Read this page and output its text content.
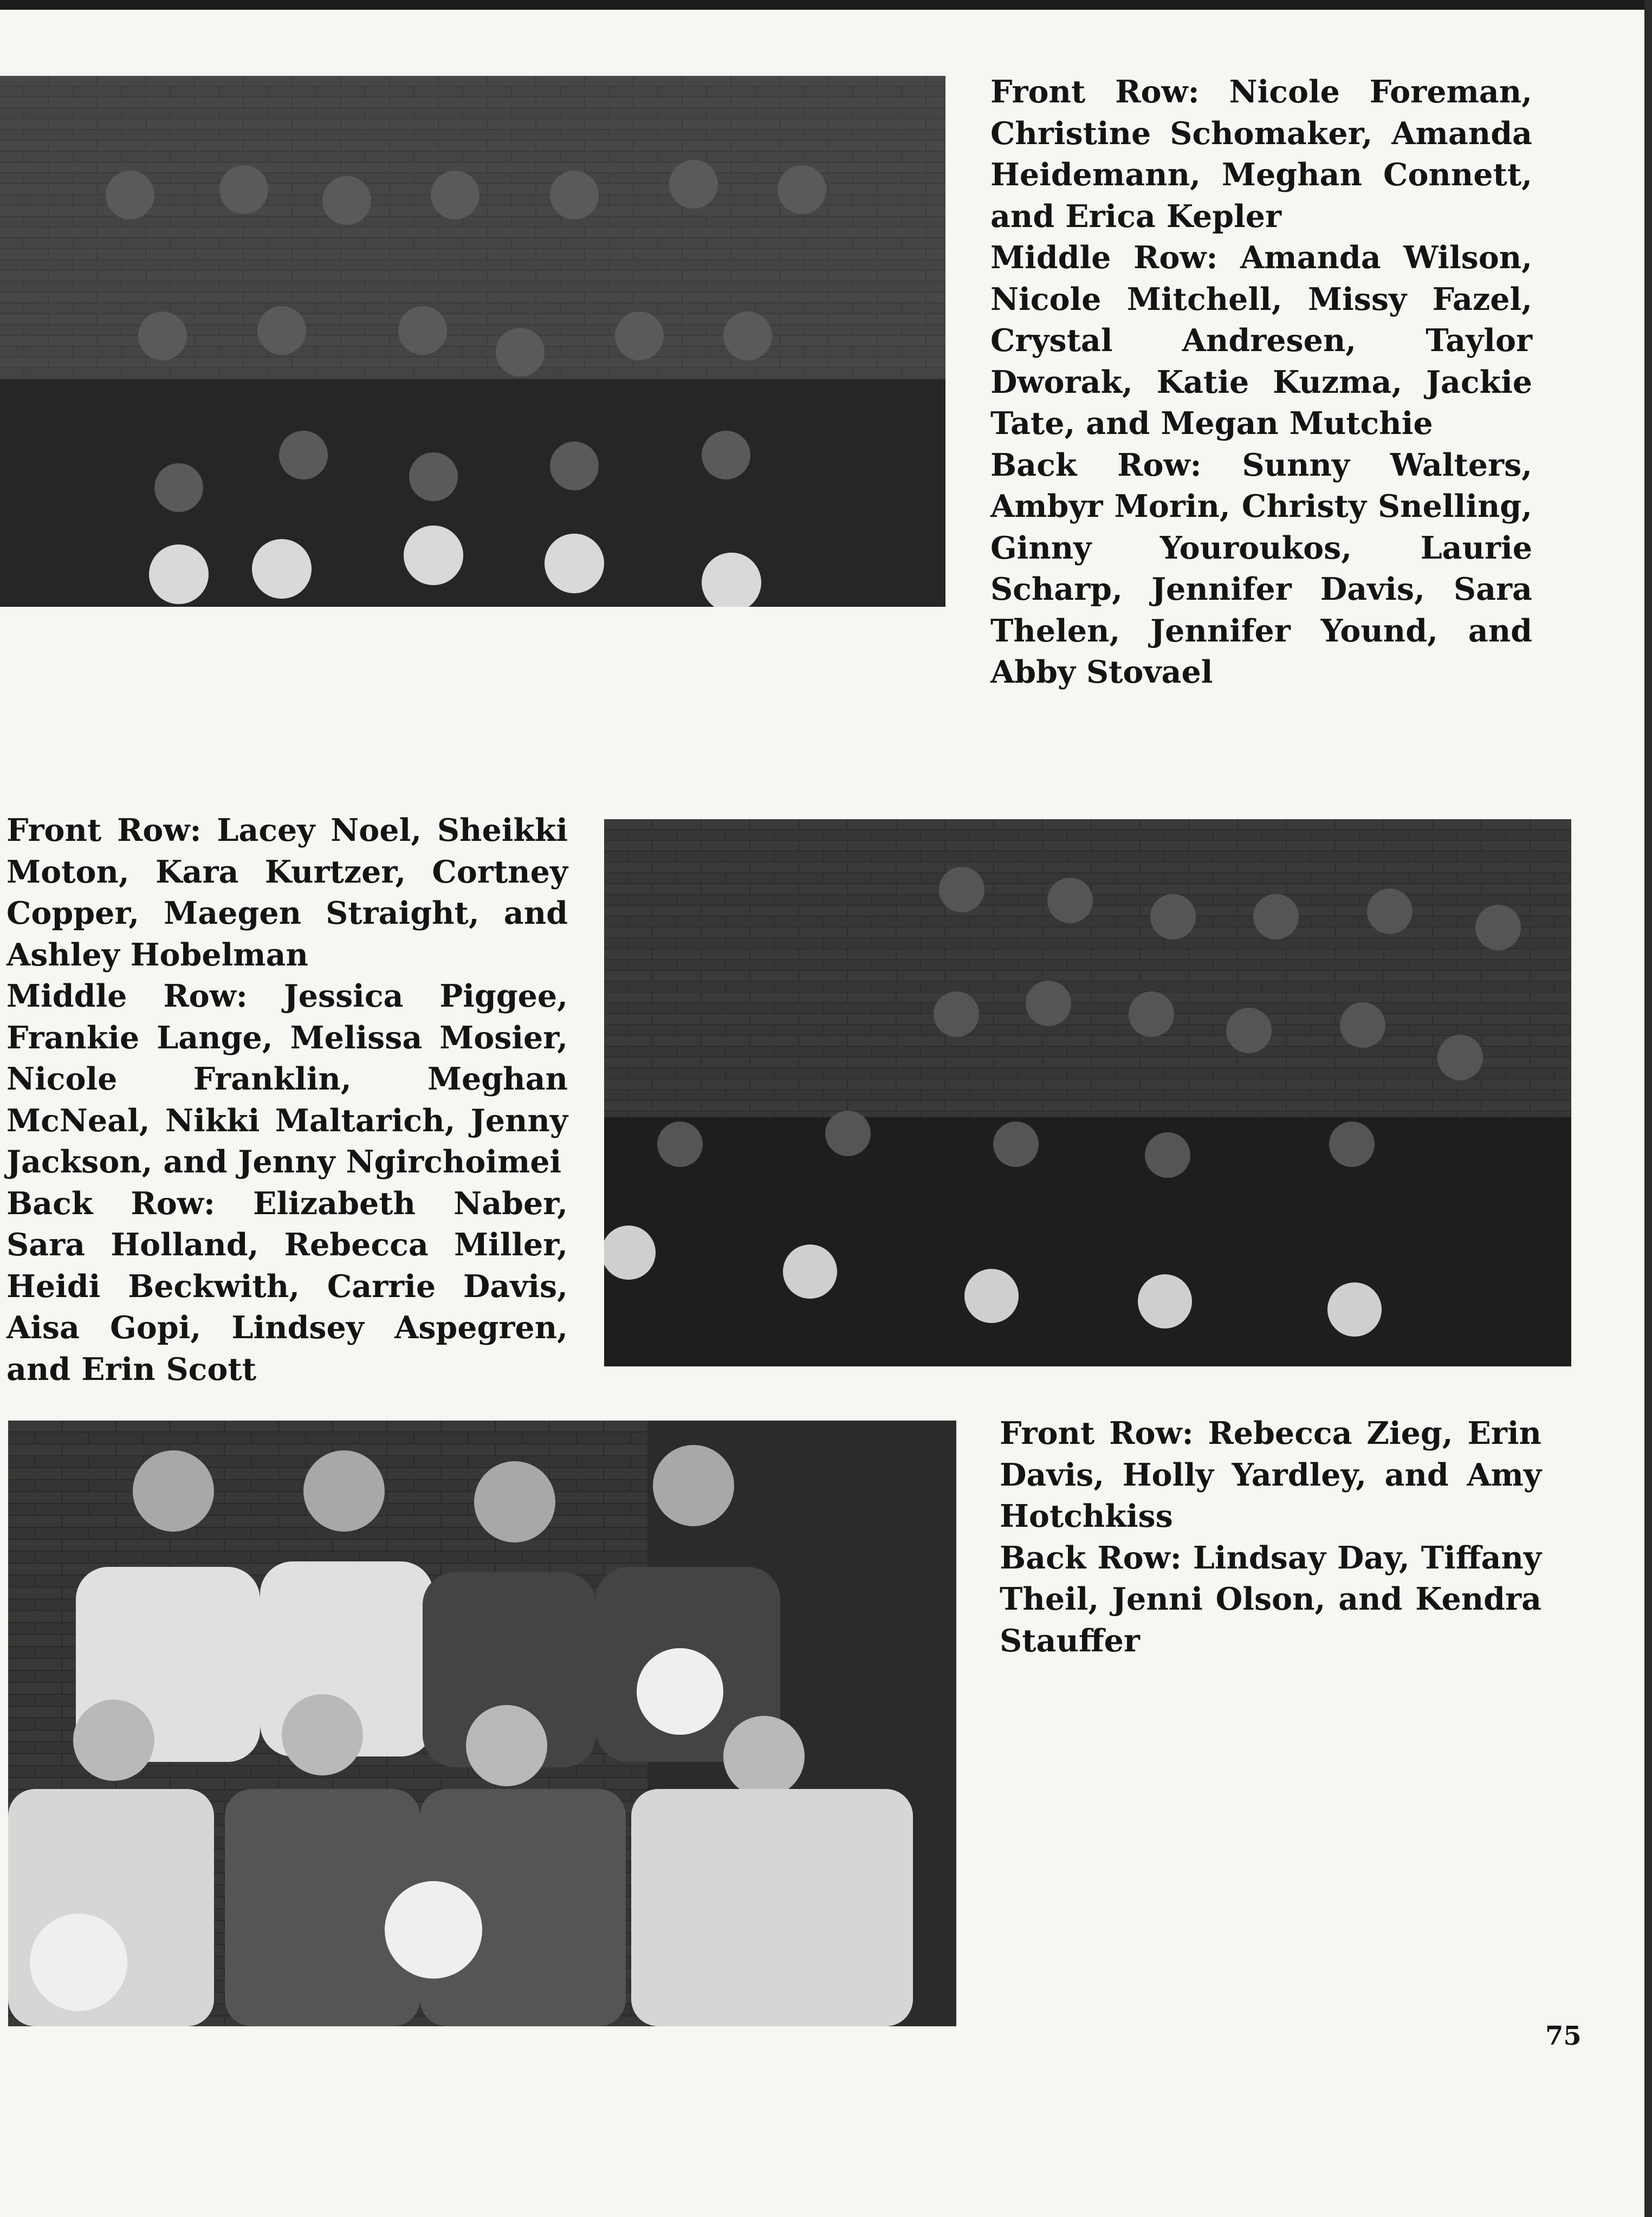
Front Row: Nicole Foreman, Christine Schomaker, Amanda Heidemann, Meghan Connett, and Erica Kepler

Middle Row: Amanda Wilson, Nicole Mitchell, Missy Fazel, Crystal Andresen, Taylor Dworak, Katie Kuzma, Jackie Tate, and Megan Mutchie

Back Row: Sunny Walters, Ambyr Morin, Christy Snelling, Ginny Youroukos, Laurie Scharp, Jennifer Davis, Sara Thelen, Jennifer Yound, and Abby Stovael

Front Row: Lacey Noel, Sheikki Moton, Kara Kurtzer, Cortney Copper, Maegen Straight, and Ashley Hobelman

Middle Row: Jessica Piggee, Frankie Lange, Melissa Mosier, Nicole Franklin, Meghan McNeal, Nikki Maltarich, Jenny Jackson, and Jenny Ngirchoimei

Back Row: Elizabeth Naber, Sara Holland, Rebecca Miller, Heidi Beckwith, Carrie Davis, Aisa Gopi, Lindsey Aspegren, and Erin Scott

Front Row: Rebecca Zieg, Erin Davis, Holly Yardley, and Amy Hotchkiss

Back Row: Lindsay Day, Tiffany Theil, Jenni Olson, and Kendra Stauffer

75
